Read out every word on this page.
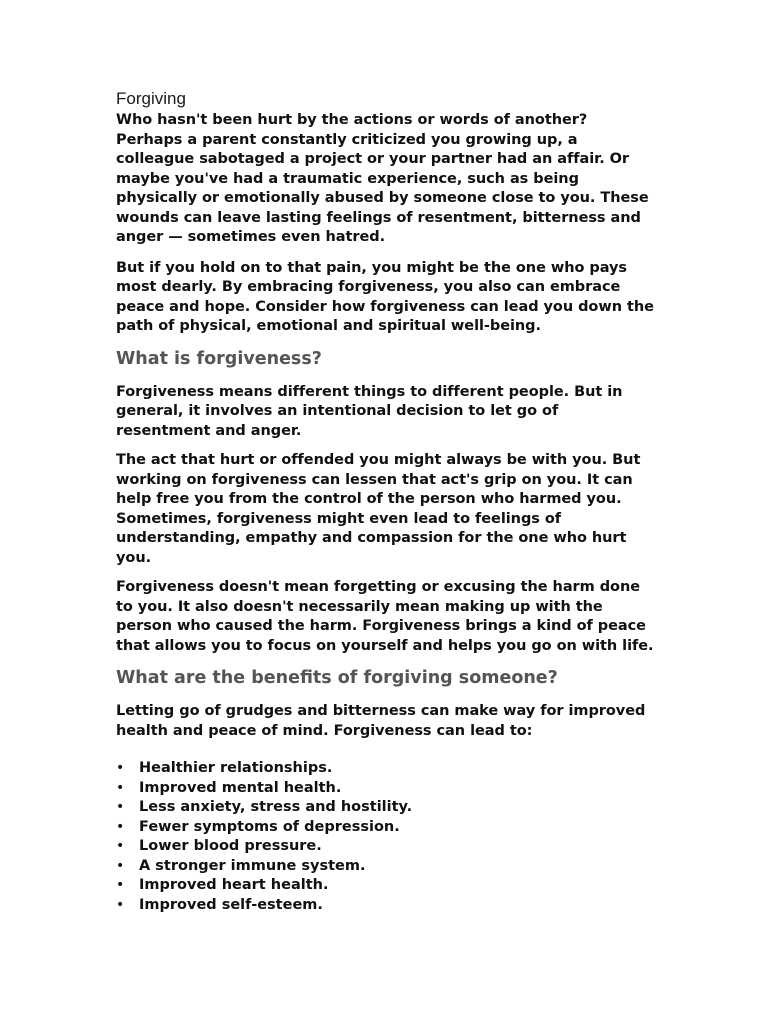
Forgiving

Who hasn't been hurt by the actions or words of another? Perhaps a parent constantly criticized you growing up, a colleague sabotaged a project or your partner had an affair. Or maybe you've had a traumatic experience, such as being physically or emotionally abused by someone close to you. These wounds can leave lasting feelings of resentment, bitterness and anger — sometimes even hatred.

But if you hold on to that pain, you might be the one who pays most dearly. By embracing forgiveness, you also can embrace peace and hope. Consider how forgiveness can lead you down the path of physical, emotional and spiritual well-being.

What is forgiveness?

Forgiveness means different things to different people. But in general, it involves an intentional decision to let go of resentment and anger.

The act that hurt or offended you might always be with you. But working on forgiveness can lessen that act's grip on you. It can help free you from the control of the person who harmed you. Sometimes, forgiveness might even lead to feelings of understanding, empathy and compassion for the one who hurt you.

Forgiveness doesn't mean forgetting or excusing the harm done to you. It also doesn't necessarily mean making up with the person who caused the harm. Forgiveness brings a kind of peace that allows you to focus on yourself and helps you go on with life.

What are the benefits of forgiving someone?

Letting go of grudges and bitterness can make way for improved health and peace of mind. Forgiveness can lead to:

• Healthier relationships.
• Improved mental health.
• Less anxiety, stress and hostility.
• Fewer symptoms of depression.
• Lower blood pressure.
• A stronger immune system.
• Improved heart health.
• Improved self-esteem.
